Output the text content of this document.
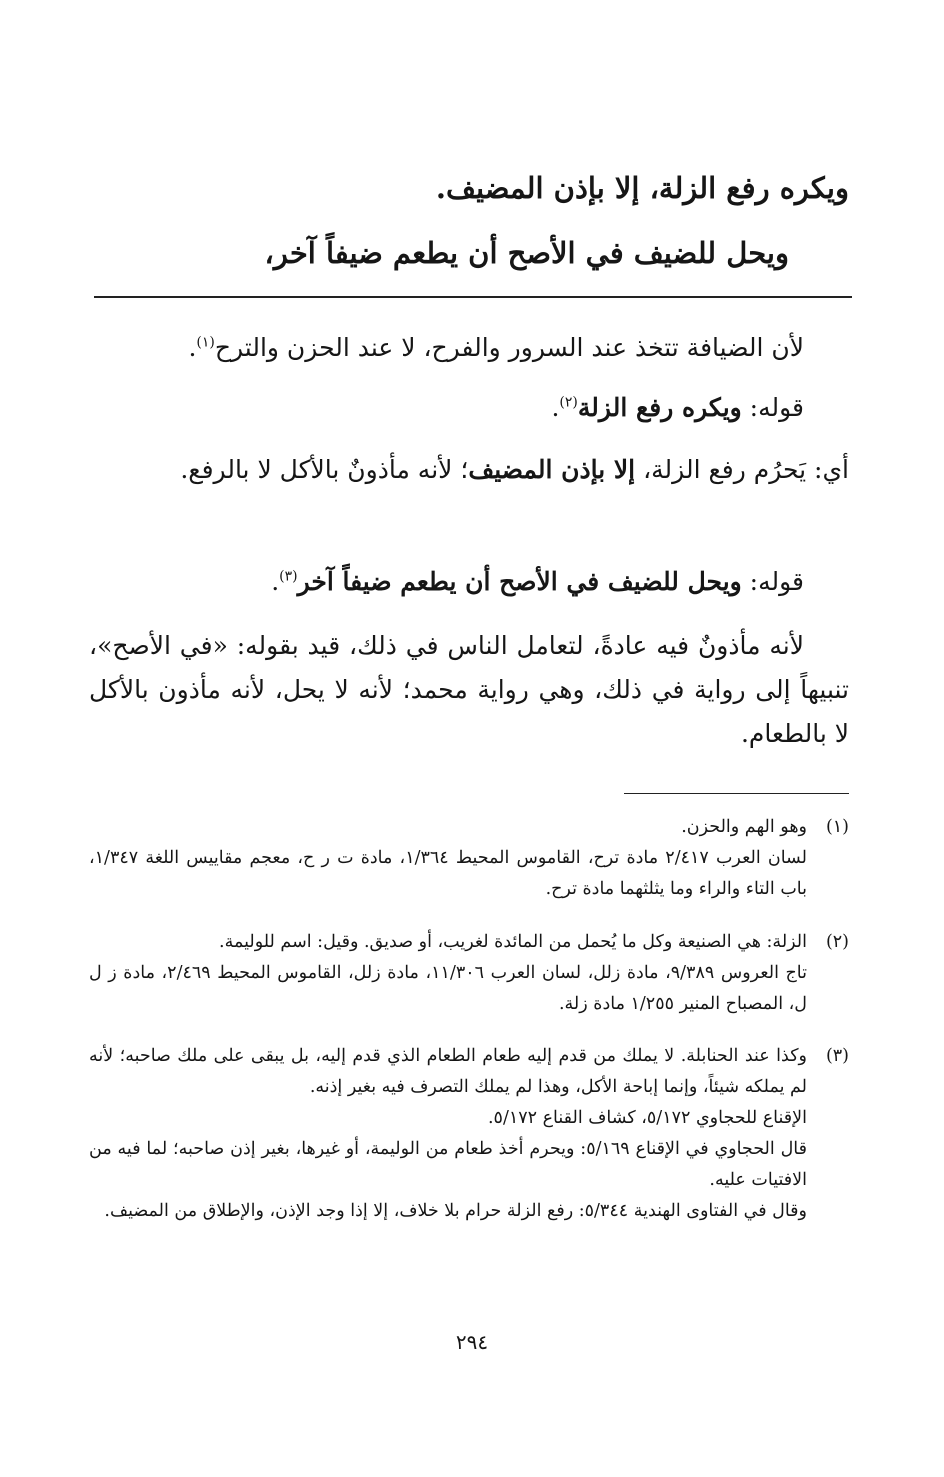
ويكره رفع الزلة، إلا بإذن المضيف.
ويحل للضيف في الأصح أن يطعم ضيفاً آخر،
لأن الضيافة تتخذ عند السرور والفرح، لا عند الحزن والترح$^{(١)}$.
قوله: ويكره رفع الزلة$^{(٢)}$.
أي: يَحرُم رفع الزلة، إلا بإذن المضيف؛ لأنه مأذونٌ بالأكل لا بالرفع.
قوله: ويحل للضيف في الأصح أن يطعم ضيفاً آخر$^{(٣)}$.
لأنه مأذونٌ فيه عادةً، لتعامل الناس في ذلك، قيد بقوله: «في الأصح»، تنبيهاً إلى رواية في ذلك، وهي رواية محمد؛ لأنه لا يحل، لأنه مأذون بالأكل لا بالطعام.
(١)
وهو الهم والحزن.
لسان العرب ٢/٤١٧ مادة ترح، القاموس المحيط ١/٣٦٤، مادة ت ر ح، معجم مقاييس اللغة ١/٣٤٧، باب التاء والراء وما يثلثهما مادة ترح.
(٢)
الزلة: هي الصنيعة وكل ما يُحمل من المائدة لغريب، أو صديق. وقيل: اسم للوليمة.
تاج العروس ٩/٣٨٩، مادة زلل، لسان العرب ١١/٣٠٦، مادة زلل، القاموس المحيط ٢/٤٦٩، مادة ز ل ل، المصباح المنير ١/٢٥٥ مادة زلة.
(٣)
وكذا عند الحنابلة. لا يملك من قدم إليه طعام الطعام الذي قدم إليه، بل يبقى على ملك صاحبه؛ لأنه لم يملكه شيئاً، وإنما إباحة الأكل، وهذا لم يملك التصرف فيه بغير إذنه.
الإقناع للحجاوي ٥/١٧٢، كشاف القناع ٥/١٧٢.
قال الحجاوي في الإقناع ٥/١٦٩: ويحرم أخذ طعام من الوليمة، أو غيرها، بغير إذن صاحبه؛ لما فيه من الافتيات عليه.
وقال في الفتاوى الهندية ٥/٣٤٤: رفع الزلة حرام بلا خلاف، إلا إذا وجد الإذن، والإطلاق من المضيف.
٢٩٤
